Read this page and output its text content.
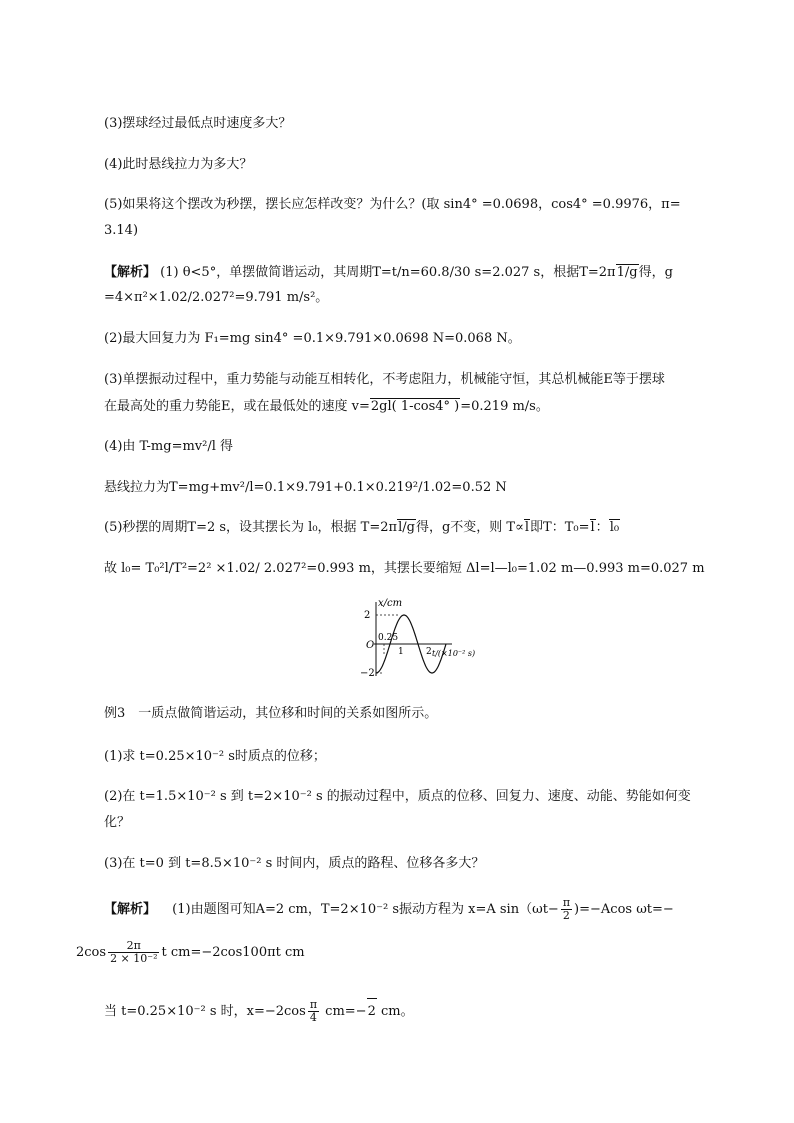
(3)摆球经过最低点时速度多大？
(4)此时悬线拉力为多大？
(5)如果将这个摆改为秒摆，摆长应怎样改变？为什么？(取 sin4° =0.0698，cos4° =0.9976，π=
3.14)
【解析】 (1) θ<5°，单摆做简谐运动，其周期T=t/n=60.8/30 s=2.027 s，根据T=2π1/g得，g
=4×π²×1.02/2.027²=9.791 m/s²。
(2)最大回复力为 F₁=mg sin4° =0.1×9.791×0.0698 N=0.068 N。
(3)单摆振动过程中，重力势能与动能互相转化，不考虑阻力，机械能守恒，其总机械能E等于摆球
在最高处的重力势能E，或在最低处的速度 v=2gl( 1-cos4° )=0.219 m/s。
(4)由 T-mg=mv²/l 得
悬线拉力为T=mg+mv²/l=0.1×9.791+0.1×0.219²/1.02=0.52 N
(5)秒摆的周期T=2 s，设其摆长为 l₀，根据 T=2πl/g得，g不变，则 T∝l即T：T₀=l：l₀
故 l₀= T₀²l/T²=2² ×1.02/ 2.027²=0.993 m，其摆长要缩短 Δl=l—l₀=1.02 m—0.993 m=0.027 m
x/cm
2
−2
O
0.25
1 2 t/(×10⁻² s)
例3　一质点做简谐运动，其位移和时间的关系如图所示。
(1)求 t=0.25×10⁻² s时质点的位移；
(2)在 t=1.5×10⁻² s 到 t=2×10⁻² s 的振动过程中，质点的位移、回复力、速度、动能、势能如何变
化？
(3)在 t=0 到 t=8.5×10⁻² s 时间内，质点的路程、位移各多大？
【解析】 (1)由题图可知A=2 cm，T=2×10⁻² s振动方程为 x=A $\sin(\omega t- \frac{\pi}{2} )=-Acos$ ωt=−
$2\cos \frac{2\pi}{\text{2 × 10⁻²}}$ t cm=−2cos100πt cm
当 t=0.25×10⁻² s 时，$x=-2\cos \frac{\pi}{4} cm=-2$ cm。
